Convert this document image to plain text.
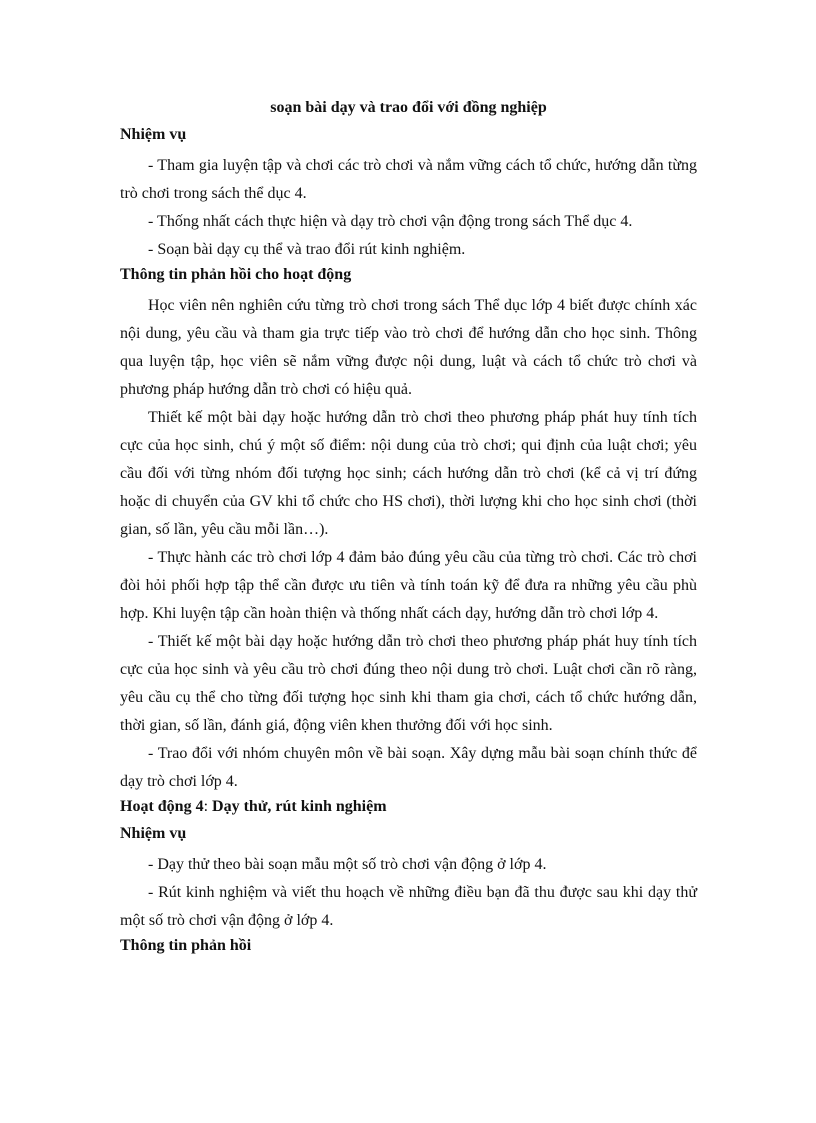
soạn bài dạy và trao đổi với đồng nghiệp

Nhiệm vụ

- Tham gia luyện tập và chơi các trò chơi và nắm vững cách tổ chức, hướng dẫn từng trò chơi trong sách thể dục 4.

- Thống nhất cách thực hiện và dạy trò chơi vận động trong sách Thể dục 4.

- Soạn bài dạy cụ thể và trao đổi rút kinh nghiệm.

Thông tin phản hồi cho hoạt động

Học viên nên nghiên cứu từng trò chơi trong sách Thể dục lớp 4 biết được chính xác nội dung, yêu cầu và tham gia trực tiếp vào trò chơi để hướng dẫn cho học sinh. Thông qua luyện tập, học viên sẽ nắm vững được nội dung, luật và cách tổ chức trò chơi và phương pháp hướng dẫn trò chơi có hiệu quả.

Thiết kế một bài dạy hoặc hướng dẫn trò chơi theo phương pháp phát huy tính tích cực của học sinh, chú ý một số điểm: nội dung của trò chơi; qui định của luật chơi; yêu cầu đối với từng nhóm đối tượng học sinh; cách hướng dẫn trò chơi (kể cả vị trí đứng hoặc di chuyển của GV khi tổ chức cho HS chơi), thời lượng khi cho học sinh chơi (thời gian, số lần, yêu cầu mỗi lần…).

- Thực hành các trò chơi lớp 4 đảm bảo đúng yêu cầu của từng trò chơi. Các trò chơi đòi hỏi phối hợp tập thể cần được ưu tiên và tính toán kỹ để đưa ra những yêu cầu phù hợp. Khi luyện tập cần hoàn thiện và thống nhất cách dạy, hướng dẫn trò chơi lớp 4.

- Thiết kế một bài dạy hoặc hướng dẫn trò chơi theo phương pháp phát huy tính tích cực của học sinh và yêu cầu trò chơi đúng theo nội dung trò chơi. Luật chơi cần rõ ràng, yêu cầu cụ thể cho từng đối tượng học sinh khi tham gia chơi, cách tổ chức hướng dẫn, thời gian, số lần, đánh giá, động viên khen thưởng đối với học sinh.

- Trao đổi với nhóm chuyên môn về bài soạn. Xây dựng mẫu bài soạn chính thức để dạy trò chơi lớp 4.

Hoạt động 4: Dạy thử, rút kinh nghiệm

Nhiệm vụ

- Dạy thử theo bài soạn mẫu một số trò chơi vận động ở lớp 4.

- Rút kinh nghiệm và viết thu hoạch về những điều bạn đã thu được sau khi dạy thử một số trò chơi vận động ở lớp 4.

Thông tin phản hồi
